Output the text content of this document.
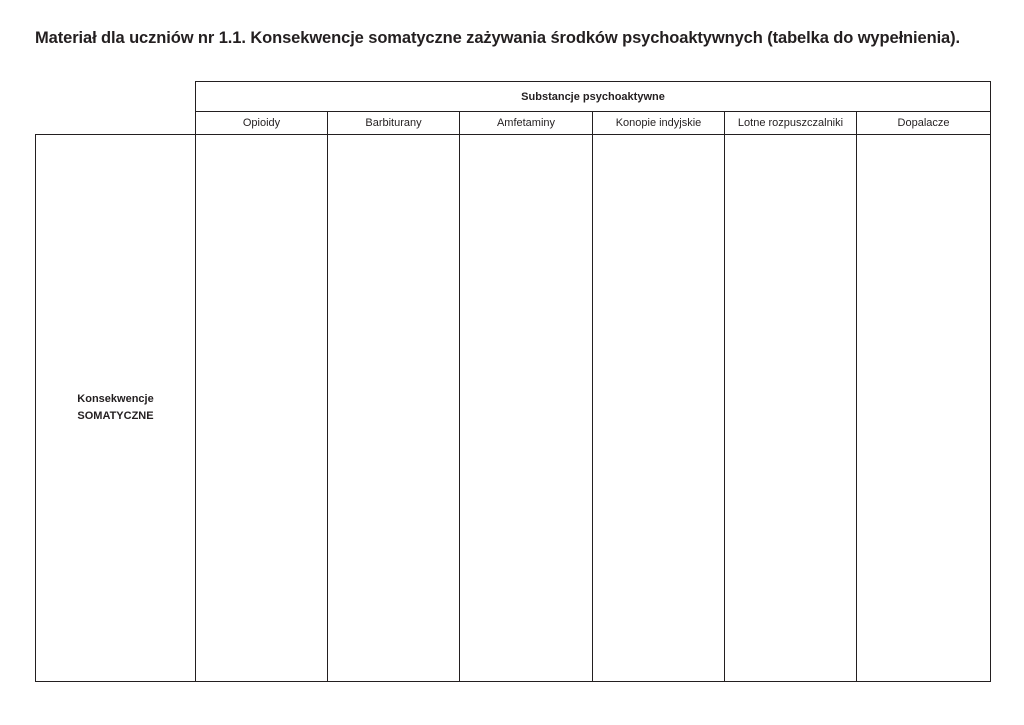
Materiał dla uczniów nr 1.1. Konsekwencje somatyczne zażywania środków psychoaktywnych (tabelka do wypełnienia).
	Substancje psychoaktywne					
	Opioidy	Barbiturany	Amfetaminy	Konopie indyjskie	Lotne rozpuszczalniki	Dopalacze

Konsekwencje
SOMATYCZNE						
